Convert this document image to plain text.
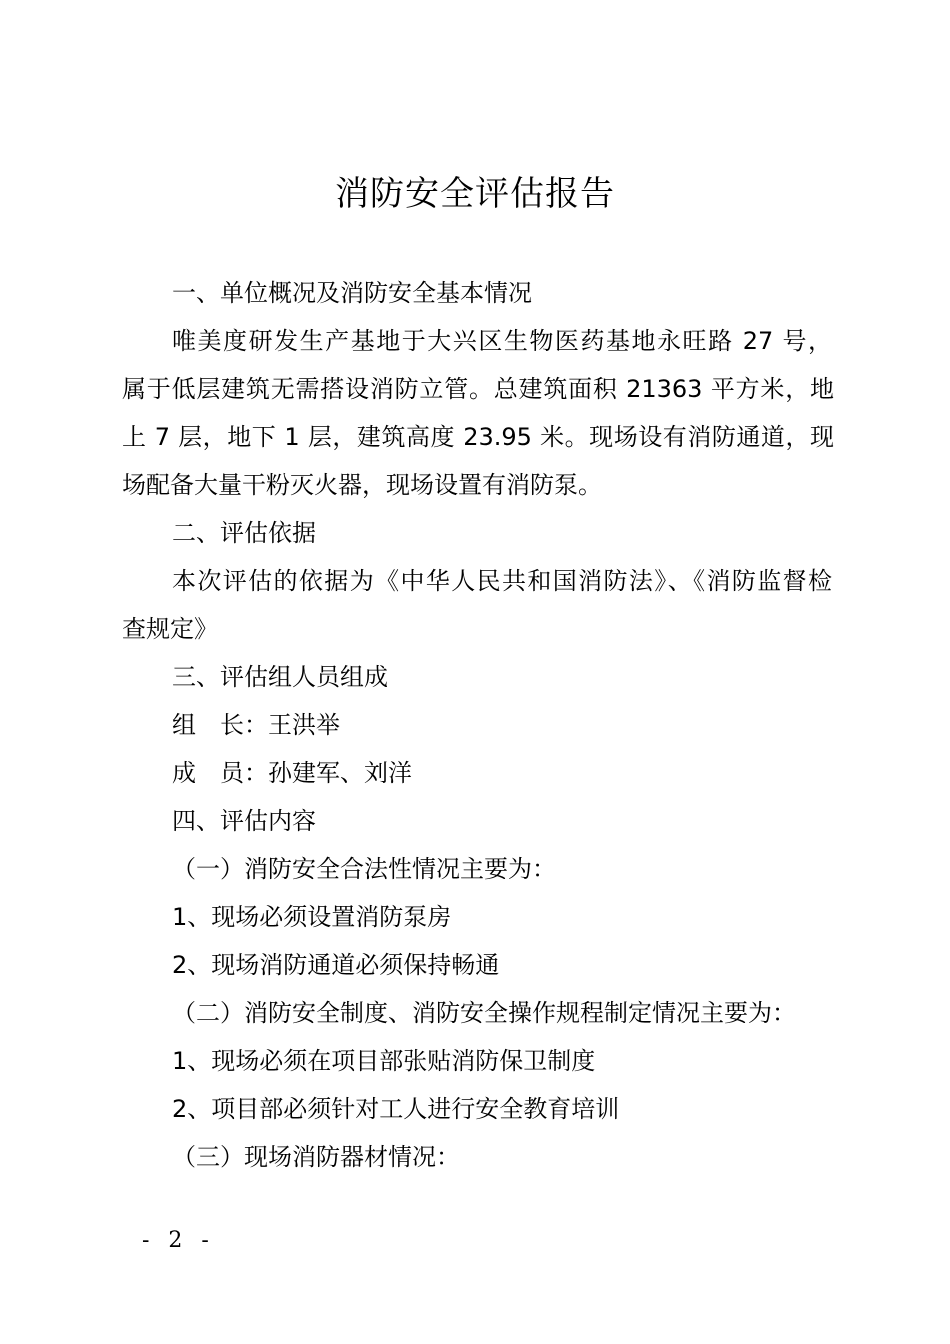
消防安全评估报告
一、单位概况及消防安全基本情况
唯美度研发生产基地于大兴区生物医药基地永旺路 27 号，
属于低层建筑无需搭设消防立管。总建筑面积 21363 平方米，地
上 7 层，地下 1 层，建筑高度 23.95 米。现场设有消防通道，现
场配备大量干粉灭火器，现场设置有消防泵。
二、评估依据
本次评估的依据为《中华人民共和国消防法》、《消防监督检
查规定》
三、评估组人员组成
组　长：王洪举
成　员：孙建军、刘洋
四、评估内容
（一）消防安全合法性情况主要为：
1、现场必须设置消防泵房
2、现场消防通道必须保持畅通
（二）消防安全制度、消防安全操作规程制定情况主要为：
1、现场必须在项目部张贴消防保卫制度
2、项目部必须针对工人进行安全教育培训
（三）现场消防器材情况：
- 2 -
